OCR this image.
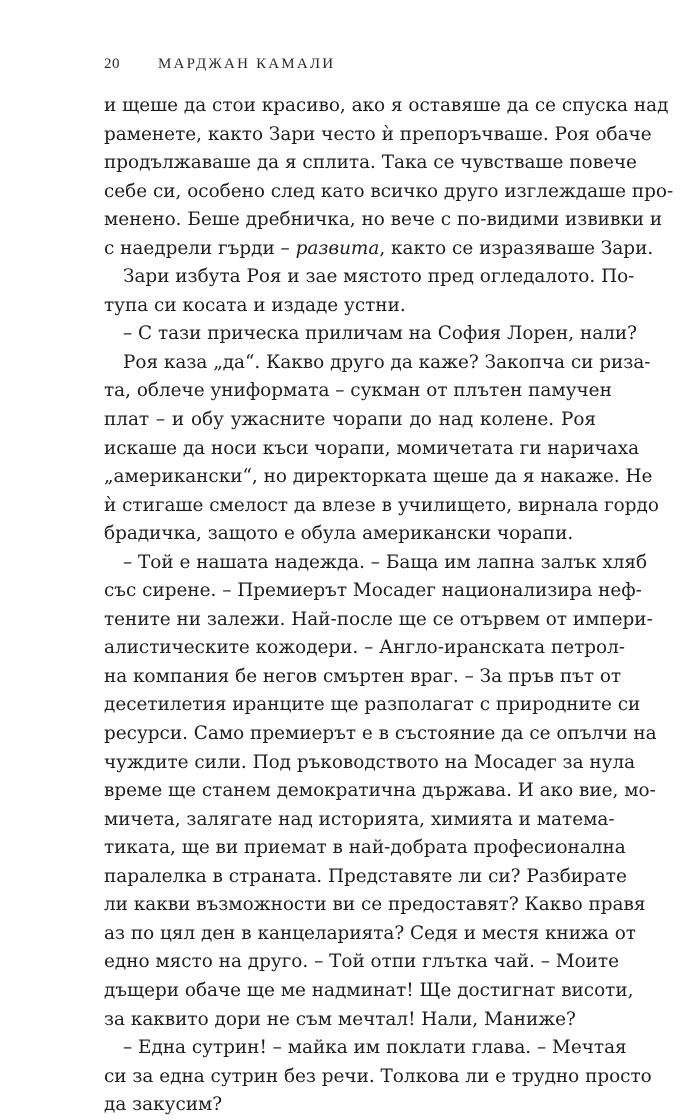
20	МАРДЖАН КАМАЛИ
и щеше да стои красиво, ако я оставяше да се спуска над
раменете, както Зари често ѝ препоръчваше. Роя обаче
продължаваше да я сплита. Така се чувстваше повече
себе си, особено след като всичко друго изглеждаше про-
менено. Беше дребничка, но вече с по-видими извивки и
с наедрели гърди – развита, както се изразяваше Зари.
Зари избута Роя и зае мястото пред огледалото. По-
тупа си косата и издаде устни.
– С тази прическа приличам на София Лорен, нали?
Роя каза „да“. Какво друго да каже? Закопча си риза-
та, облече униформата – сукман от плътен памучен
плат – и обу ужасните чорапи до над колене. Роя
искаше да носи къси чорапи, момичетата ги наричаха
„американски“, но директорката щеше да я накаже. Не
ѝ стигаше смелост да влезе в училището, вирнала гордо
брадичка, защото е обула американски чорапи.
– Той е нашата надежда. – Баща им лапна залък хляб
със сирене. – Премиерът Мосадег национализира неф-
тените ни залежи. Най-после ще се отървем от импери-
алистическите кожодери. – Англо-иранската петрол-
на компания бе негов смъртен враг. – За пръв път от
десетилетия иранците ще разполагат с природните си
ресурси. Само премиерът е в състояние да се опълчи на
чуждите сили. Под ръководството на Мосадег за нула
време ще станем демократична държава. И ако вие, мо-
мичета, залягате над историята, химията и матема-
тиката, ще ви приемат в най-добрата професионална
паралелка в страната. Представяте ли си? Разбирате
ли какви възможности ви се предоставят? Какво правя
аз по цял ден в канцеларията? Седя и местя книжа от
едно място на друго. – Той отпи глътка чай. – Моите
дъщери обаче ще ме надминат! Ще достигнат висоти,
за каквито дори не съм мечтал! Нали, Маниже?
– Една сутрин! – майка им поклати глава. – Мечтая
си за една сутрин без речи. Толкова ли е трудно просто
да закусим?
